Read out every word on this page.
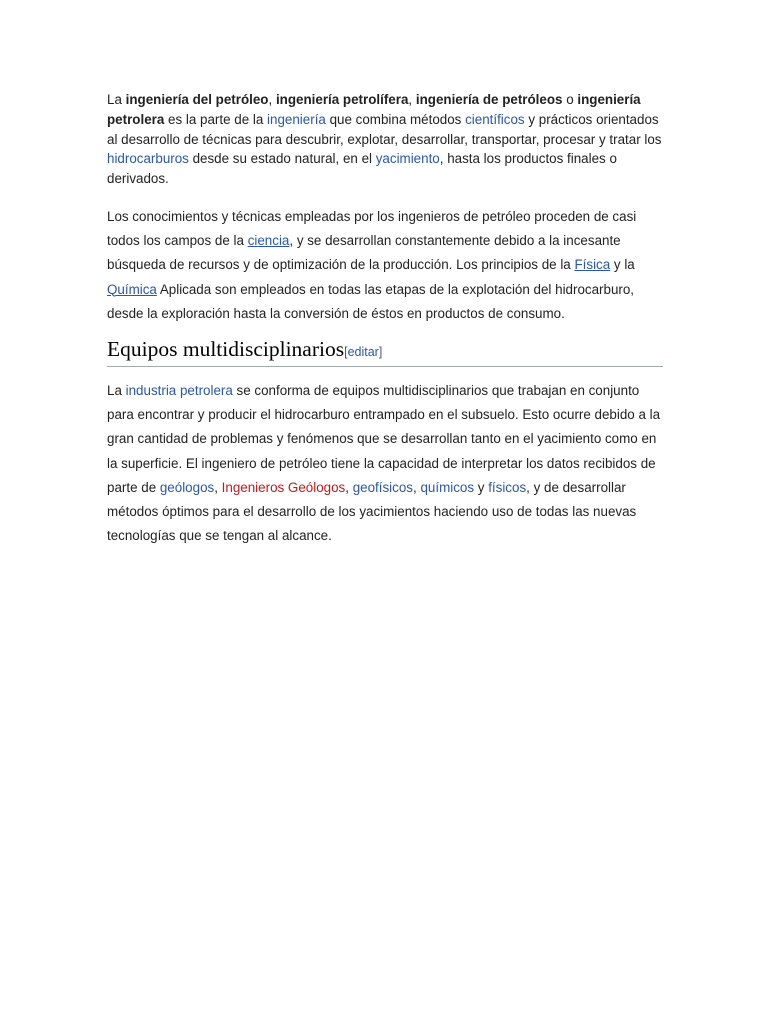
La ingeniería del petróleo, ingeniería petrolífera, ingeniería de petróleos o ingeniería petrolera es la parte de la ingeniería que combina métodos científicos y prácticos orientados al desarrollo de técnicas para descubrir, explotar, desarrollar, transportar, procesar y tratar los hidrocarburos desde su estado natural, en el yacimiento, hasta los productos finales o derivados.

Los conocimientos y técnicas empleadas por los ingenieros de petróleo proceden de casi todos los campos de la ciencia, y se desarrollan constantemente debido a la incesante búsqueda de recursos y de optimización de la producción. Los principios de la Física y la Química Aplicada son empleados en todas las etapas de la explotación del hidrocarburo, desde la exploración hasta la conversión de éstos en productos de consumo.

Equipos multidisciplinarios[editar]

La industria petrolera se conforma de equipos multidisciplinarios que trabajan en conjunto para encontrar y producir el hidrocarburo entrampado en el subsuelo. Esto ocurre debido a la gran cantidad de problemas y fenómenos que se desarrollan tanto en el yacimiento como en la superficie. El ingeniero de petróleo tiene la capacidad de interpretar los datos recibidos de parte de geólogos, Ingenieros Geólogos, geofísicos, químicos y físicos, y de desarrollar métodos óptimos para el desarrollo de los yacimientos haciendo uso de todas las nuevas tecnologías que se tengan al alcance.
